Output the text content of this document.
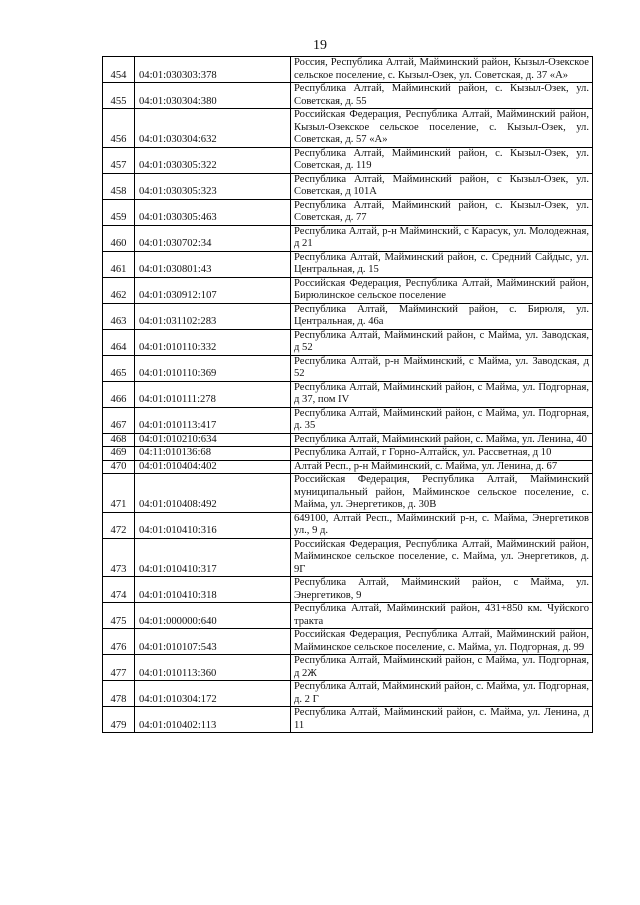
19
454	04:01:030303:378	Россия, Республика Алтай, Майминский район, Кызыл-Озекское сельское поселение, с. Кызыл-Озек, ул. Советская, д. 37 «А»
455	04:01:030304:380	Республика Алтай, Майминский район, с. Кызыл-Озек, ул. Советская, д. 55
456	04:01:030304:632	Российская Федерация, Республика Алтай, Майминский район, Кызыл-Озекское сельское поселение, с. Кызыл-Озек, ул. Советская, д. 57 «А»
457	04:01:030305:322	Республика Алтай, Майминский район, с. Кызыл-Озек, ул. Советская, д. 119
458	04:01:030305:323	Республика Алтай, Майминский район, с Кызыл-Озек, ул. Советская, д 101А
459	04:01:030305:463	Республика Алтай, Майминский район, с. Кызыл-Озек, ул. Советская, д. 77
460	04:01:030702:34	Республика Алтай, р-н Майминский, с Карасук, ул. Молодежная, д 21
461	04:01:030801:43	Республика Алтай, Майминский район, с. Средний Сайдыс, ул. Центральная, д. 15
462	04:01:030912:107	Российская Федерация, Республика Алтай, Майминский район, Бирюлинское сельское поселение
463	04:01:031102:283	Республика Алтай, Майминский район, с. Бирюля, ул. Центральная, д. 46а
464	04:01:010110:332	Республика Алтай, Майминский район, с Майма, ул. Заводская, д 52
465	04:01:010110:369	Республика Алтай, р-н Майминский, с Майма, ул. Заводская, д 52
466	04:01:010111:278	Республика Алтай, Майминский район, с Майма, ул. Подгорная, д 37, пом IV
467	04:01:010113:417	Республика Алтай, Майминский район, с Майма, ул. Подгорная, д. 35
468	04:01:010210:634	Республика Алтай, Майминский район, с. Майма, ул. Ленина, 40
469	04:11:010136:68	Республика Алтай, г Горно-Алтайск, ул. Рассветная, д 10
470	04:01:010404:402	Алтай Респ., р-н Майминский, с. Майма, ул. Ленина, д. 67
471	04:01:010408:492	Российская Федерация, Республика Алтай, Майминский муниципальный район, Майминское сельское поселение, с. Майма, ул. Энергетиков, д. 30В
472	04:01:010410:316	649100, Алтай Респ., Майминский р-н, с. Майма, Энергетиков ул., 9 д.
473	04:01:010410:317	Российская Федерация, Республика Алтай, Майминский район, Майминское сельское поселение, с. Майма, ул. Энергетиков, д. 9Г
474	04:01:010410:318	Республика Алтай, Майминский район, с Майма, ул. Энергетиков, 9
475	04:01:000000:640	Республика Алтай, Майминский район, 431+850 км. Чуйского тракта
476	04:01:010107:543	Российская Федерация, Республика Алтай, Майминский район, Майминское сельское поселение, с. Майма, ул. Подгорная, д. 99
477	04:01:010113:360	Республика Алтай, Майминский район, с Майма, ул. Подгорная, д 2Ж
478	04:01:010304:172	Республика Алтай, Майминский район, с. Майма, ул. Подгорная, д. 2 Г
479	04:01:010402:113	Республика Алтай, Майминский район, с. Майма, ул. Ленина, д 11
